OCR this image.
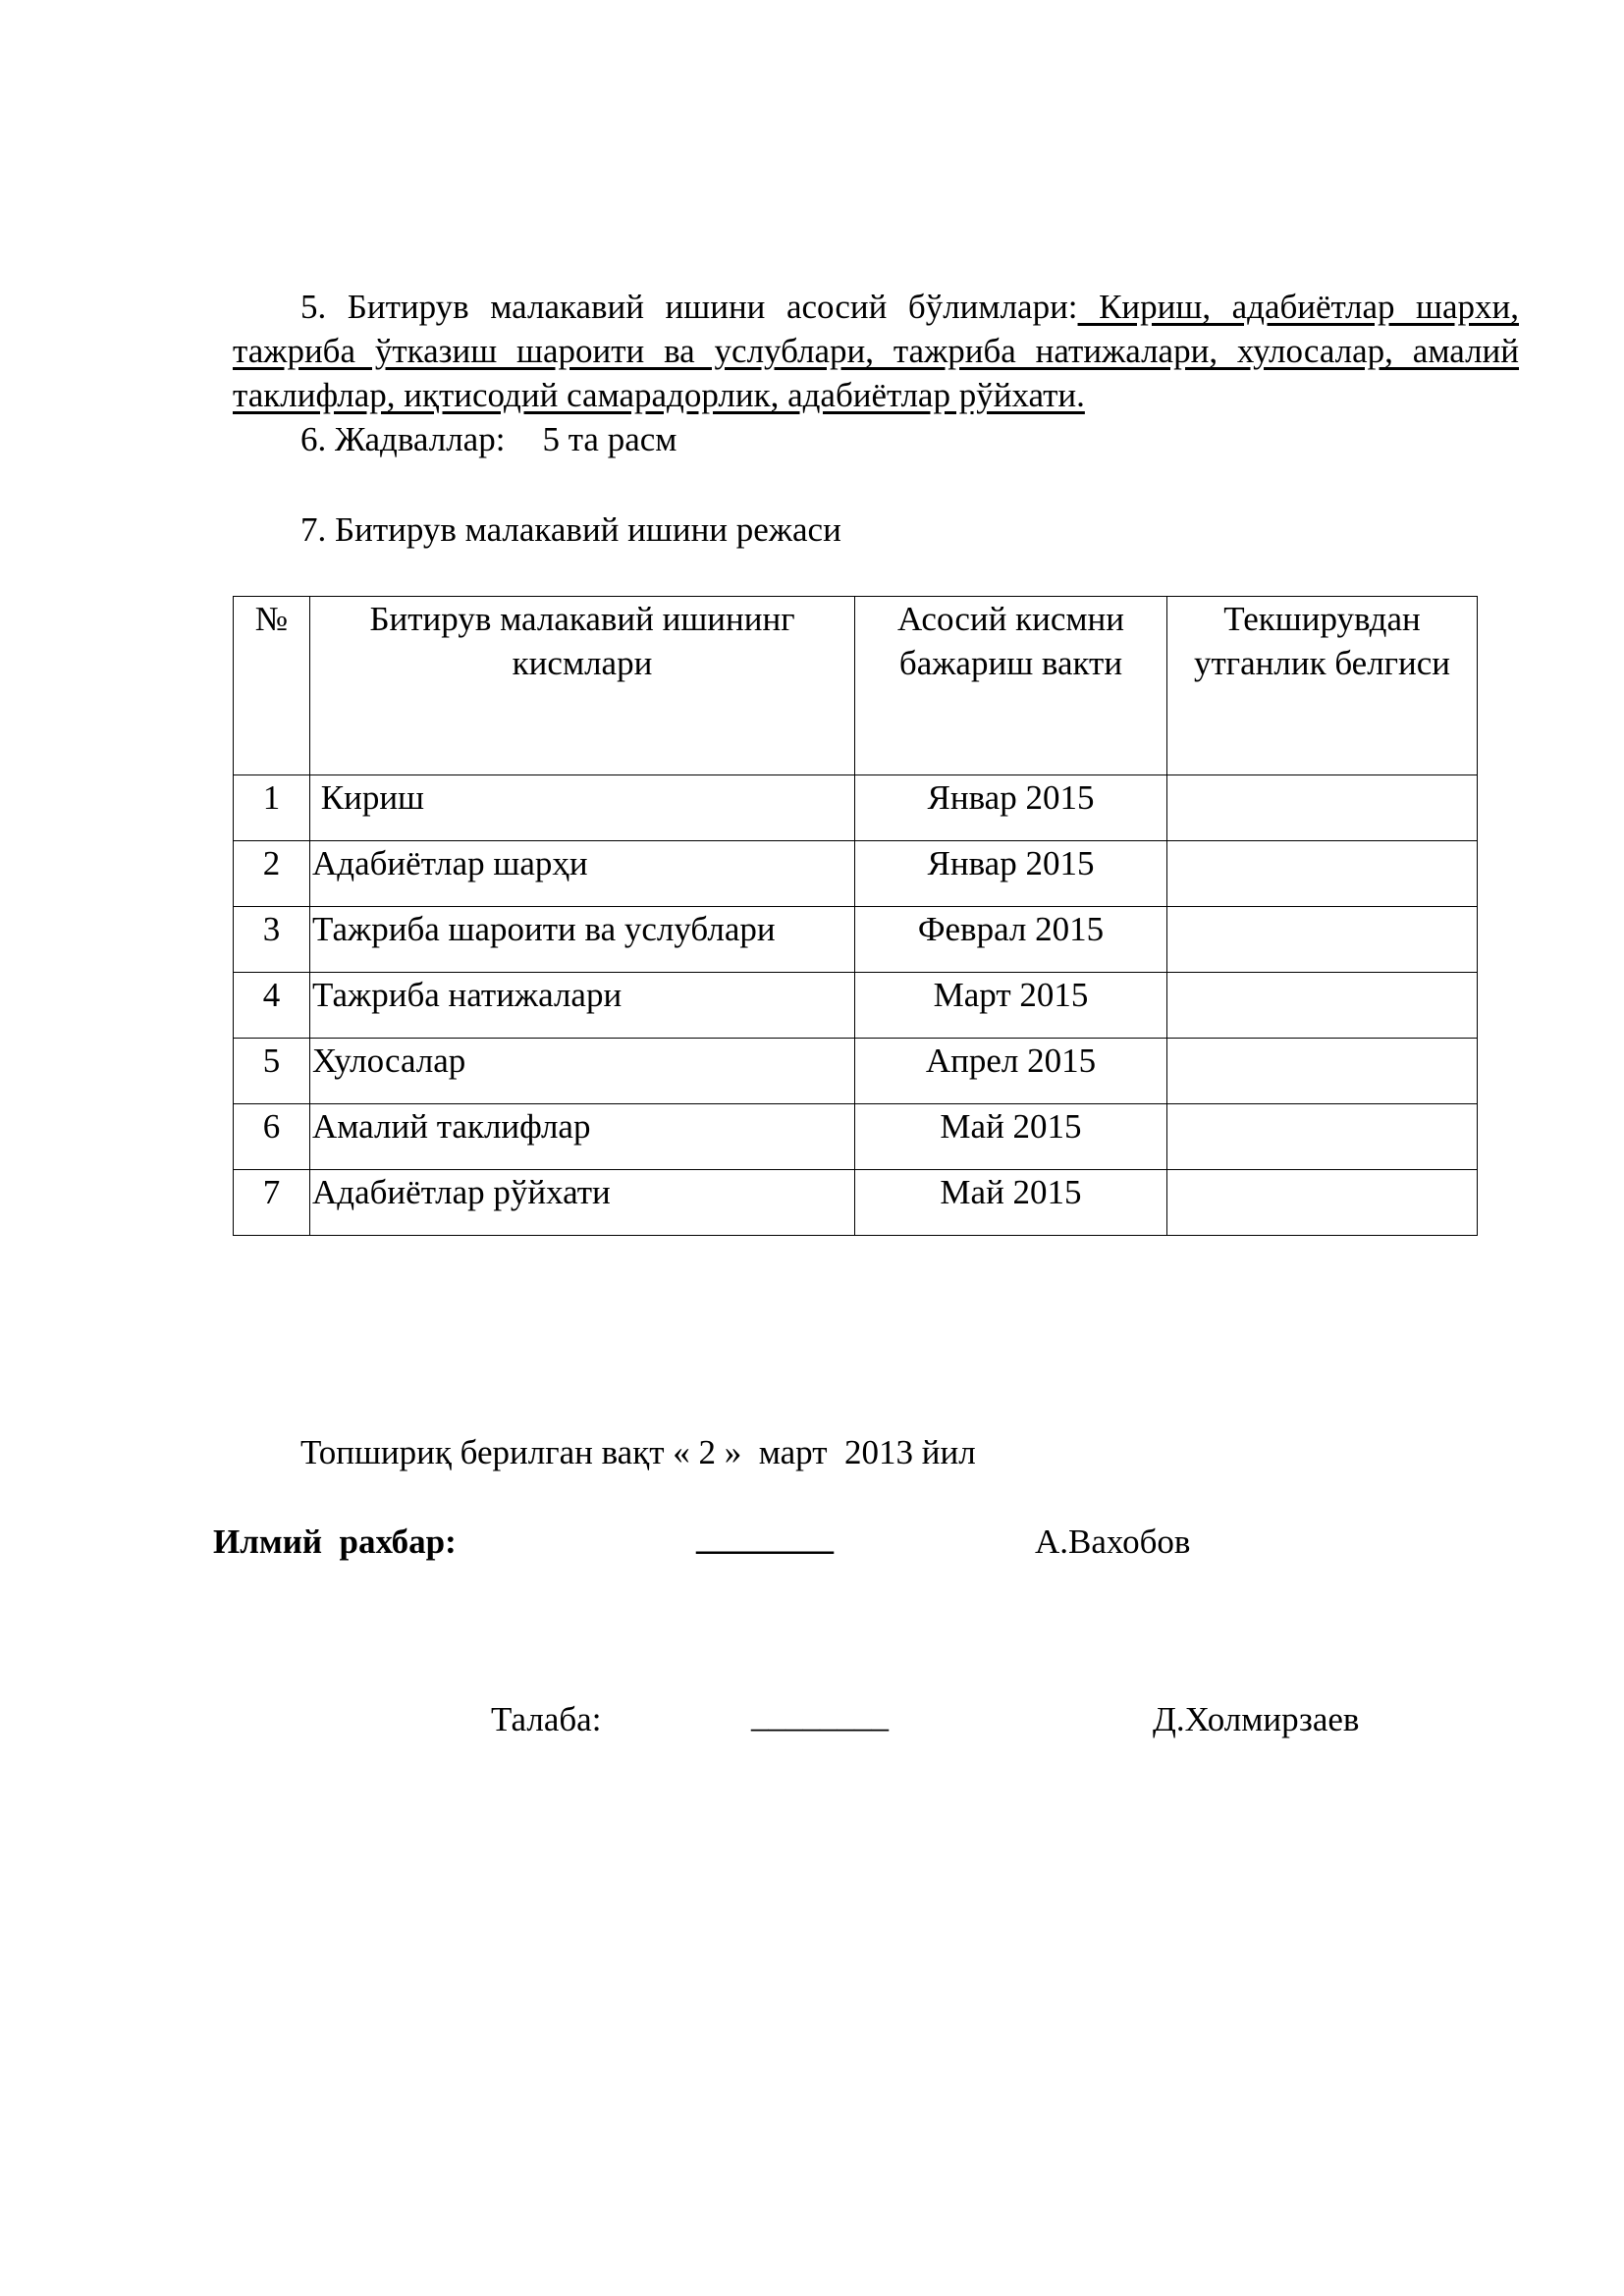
5. Битирув малакавий ишини асосий бўлимлари: Кириш, адабиётлар шархи, тажриба ўтказиш шароити ва услублари, тажриба натижалари, хулосалар, амалий таклифлар, иқтисодий самарадорлик, адабиётлар рўйхати.

6. Жадваллар: 5 та расм
7. Битирув малакавий ишини режаси
№	Битирув малакавий ишининг кисмлари	Асосий кисмни бажариш вакти	Текширувдан утганлик белгиси
1	Кириш	Январ 2015	
2	Адабиётлар шарҳи	Январ 2015	
3	Тажриба шароити ва услублари	Феврал 2015	
4	Тажриба натижалари	Март 2015	
5	Хулосалар	Апрел 2015	
6	Амалий таклифлар	Май 2015	
7	Адабиётлар рўйхати	Май 2015	
Топшириқ берилган вақт « 2 »  март  2013 йил
Илмий  рахбар:	________	А.Вахобов
Талаба:	________	Д.Холмирзаев
